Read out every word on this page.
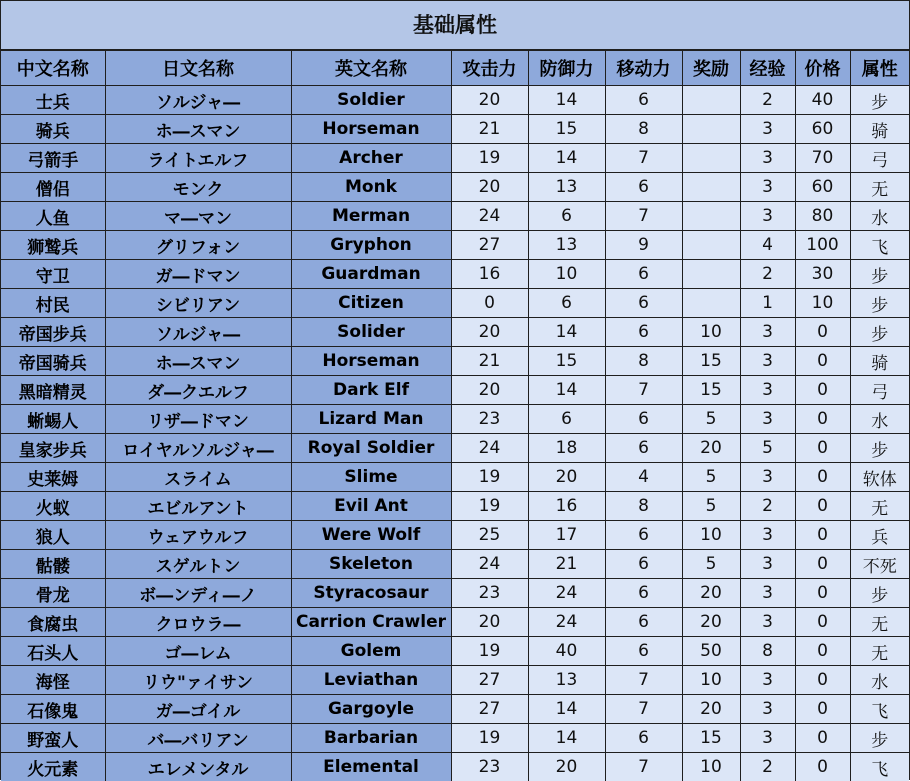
基础属性
中文名称	日文名称	英文名称	攻击力	防御力	移动力	奖励	经验	价格	属性
士兵	ソルジャ―	Soldier	20	14	6		2	40	步
骑兵	ホ―スマン	Horseman	21	15	8		3	60	骑
弓箭手	ライトエルフ	Archer	19	14	7		3	70	弓
僧侣	モンク	Monk	20	13	6		3	60	无
人鱼	マ―マン	Merman	24	6	7		3	80	水
狮鹫兵	グリフォン	Gryphon	27	13	9		4	100	飞
守卫	ガ―ドマン	Guardman	16	10	6		2	30	步
村民	シビリアン	Citizen	0	6	6		1	10	步
帝国步兵	ソルジャ―	Solider	20	14	6	10	3	0	步
帝国骑兵	ホ―スマン	Horseman	21	15	8	15	3	0	骑
黑暗精灵	ダ―クエルフ	Dark Elf	20	14	7	15	3	0	弓
蜥蜴人	リザ―ドマン	Lizard Man	23	6	6	5	3	0	水
皇家步兵	ロイヤルソルジャ―	Royal Soldier	24	18	6	20	5	0	步
史莱姆	スライム	Slime	19	20	4	5	3	0	软体
火蚁	エビルアント	Evil Ant	19	16	8	5	2	0	无
狼人	ウェアウルフ	Were Wolf	25	17	6	10	3	0	兵
骷髅	スゲルトン	Skeleton	24	21	6	5	3	0	不死
骨龙	ボ―ンディ―ノ	Styracosaur	23	24	6	20	3	0	步
食腐虫	クロウラ―	Carrion Crawler	20	24	6	20	3	0	无
石头人	ゴ―レム	Golem	19	40	6	50	8	0	无
海怪	リウ"ァイサン	Leviathan	27	13	7	10	3	0	水
石像鬼	ガ―ゴイル	Gargoyle	27	14	7	20	3	0	飞
野蛮人	バ―バリアン	Barbarian	19	14	6	15	3	0	步
火元素	エレメンタル	Elemental	23	20	7	10	2	0	飞
